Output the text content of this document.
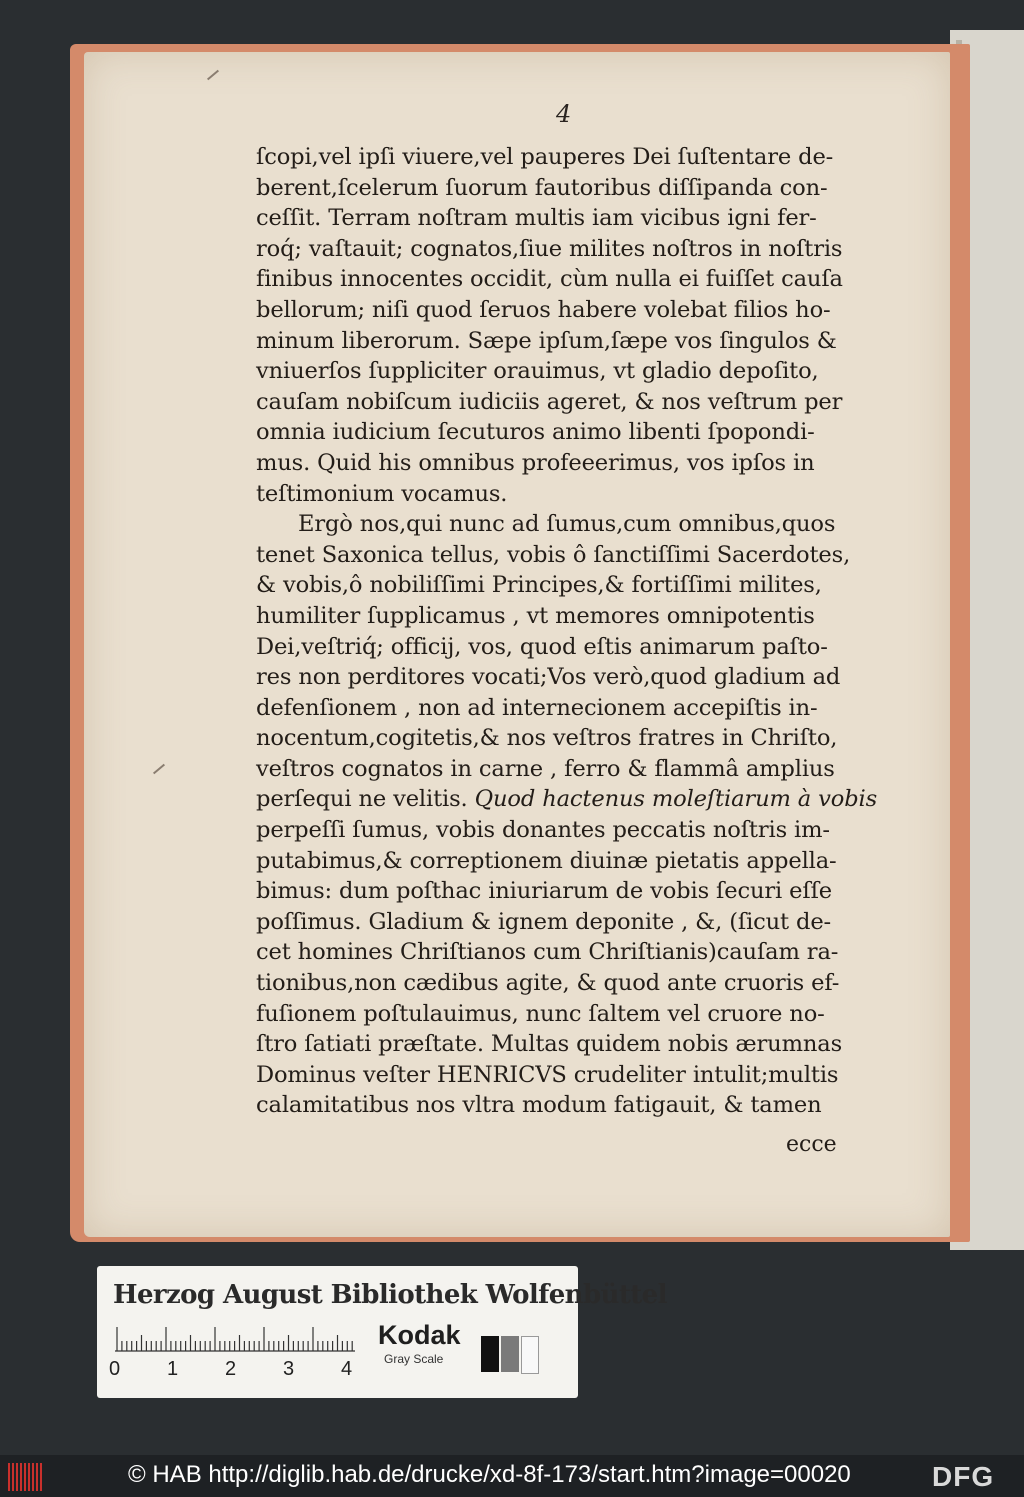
4
ſcopi,vel ipſi viuere,vel pauperes Dei ſuſtentare de-
berent,ſcelerum ſuorum fautoribus diſſipanda con-
ceſſit. Terram noſtram multis iam vicibus igni fer-
roq́; vaſtauit; cognatos,ſiue milites noſtros in noſtris
finibus innocentes occidit, cùm nulla ei fuiſſet cauſa
bellorum; niſi quod ſeruos habere volebat filios ho-
minum liberorum. Sæpe ipſum,ſæpe vos ſingulos &
vniuerſos ſuppliciter orauimus, vt gladio depoſito,
cauſam nobiſcum iudiciis ageret, & nos veſtrum per
omnia iudicium ſecuturos animo libenti ſpopondi-
mus. Quid his omnibus profeeerimus, vos ipſos in
teſtimonium vocamus.
Ergò nos,qui nunc ad ſumus,cum omnibus,quos
tenet Saxonica tellus, vobis ô ſanctiſſimi Sacerdotes,
& vobis,ô nobiliſſimi Principes,& fortiſſimi milites,
humiliter ſupplicamus , vt memores omnipotentis
Dei,veſtriq́; officij, vos, quod eſtis animarum paſto-
res non perditores vocati;Vos verò,quod gladium ad
defenſionem , non ad internecionem accepiſtis in-
nocentum,cogitetis,& nos veſtros fratres in Chriſto,
veſtros cognatos in carne , ferro & flammâ amplius
perſequi ne velitis. Quod hactenus moleſtiarum à vobis
perpeſſi ſumus, vobis donantes peccatis noſtris im-
putabimus,& correptionem diuinæ pietatis appella-
bimus: dum poſthac iniuriarum de vobis ſecuri eſſe
poſſimus. Gladium & ignem deponite , &, (ſicut de-
cet homines Chriſtianos cum Chriſtianis)cauſam ra-
tionibus,non cædibus agite, & quod ante cruoris ef-
fuſionem poſtulauimus, nunc ſaltem vel cruore no-
ſtro ſatiati præſtate. Multas quidem nobis ærumnas
Dominus veſter HENRICVS crudeliter intulit;multis
calamitatibus nos vltra modum fatigauit, & tamen
ecce
Herzog August Bibliothek Wolfenbüttel
0 1 2 3 4
Kodak
Gray Scale
© HAB http://diglib.hab.de/drucke/xd-8f-173/start.htm?image=00020	DFG
